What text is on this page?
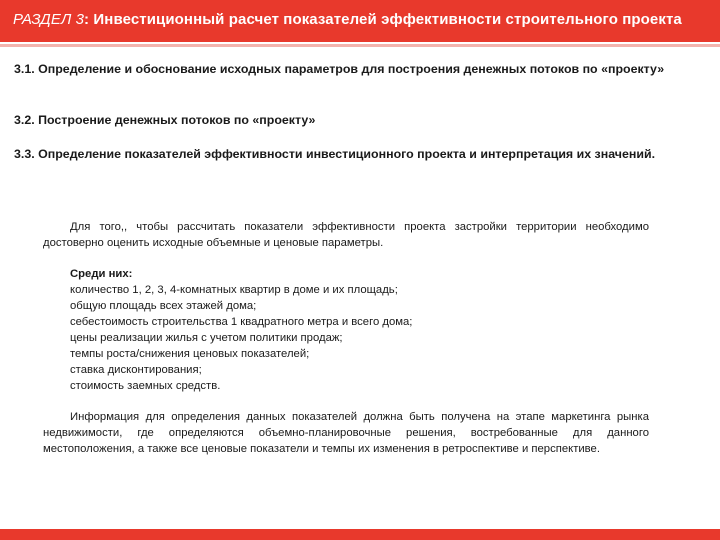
РАЗДЕЛ 3: Инвестиционный расчет показателей эффективности строительного проекта
3.1. Определение и обоснование исходных параметров для построения денежных потоков по «проекту»
3.2. Построение денежных потоков по «проекту»
3.3. Определение показателей эффективности инвестиционного проекта и интерпретация их значений.
Для того,, чтобы рассчитать показатели эффективности проекта застройки территории необходимо достоверно оценить исходные объемные и ценовые параметры.
Среди них:
количество 1, 2, 3, 4-комнатных квартир в доме и их площадь;
общую площадь всех этажей дома;
себестоимость строительства 1 квадратного метра и всего дома;
цены реализации жилья с учетом политики продаж;
темпы роста/снижения ценовых показателей;
ставка дисконтирования;
стоимость заемных средств.
Информация для определения данных показателей должна быть получена на этапе маркетинга рынка недвижимости, где определяются объемно-планировочные решения, востребованные для данного местоположения, а также все ценовые показатели и темпы их изменения в ретроспективе и перспективе.
